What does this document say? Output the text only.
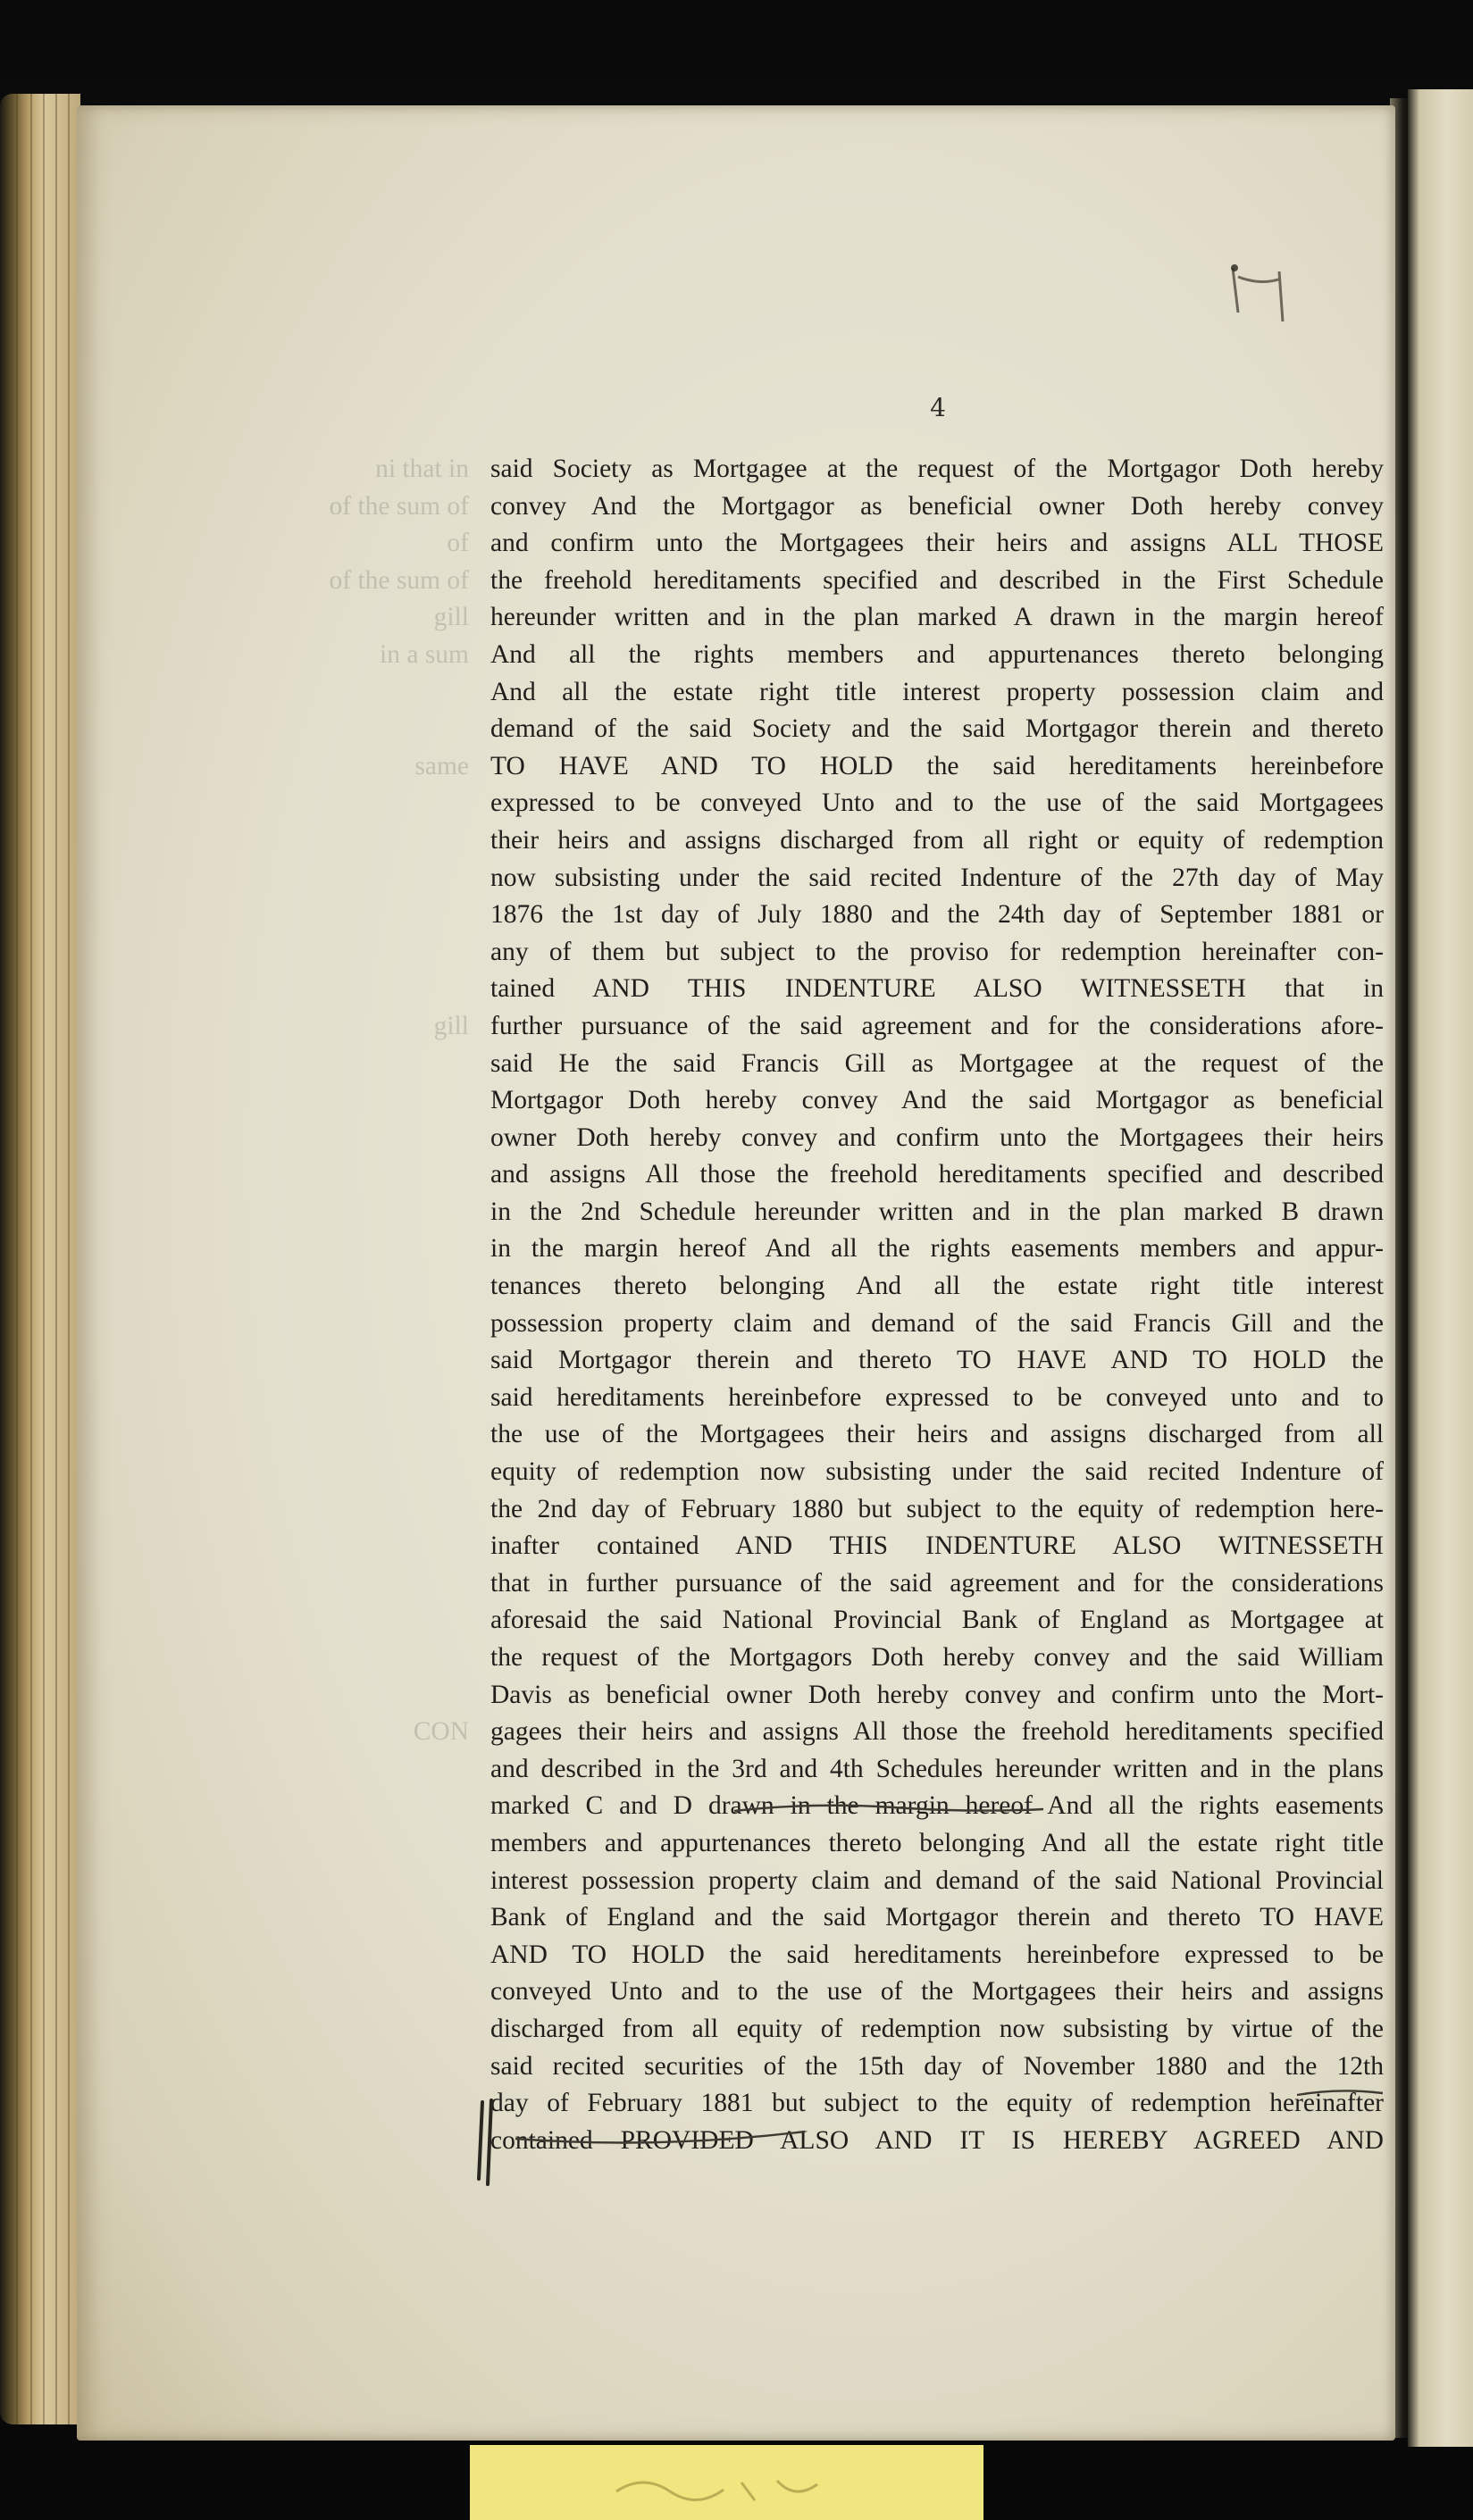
4

ni that in
of the sum of
of
of the sum of
gill
in a sum
same
gill
CON
said Society as Mortgagee at the request of the Mortgagor Doth hereby
convey And the Mortgagor as beneficial owner Doth hereby convey
and confirm unto the Mortgagees their heirs and assigns ALL THOSE
the freehold hereditaments specified and described in the First Schedule
hereunder written and in the plan marked A drawn in the margin hereof
And all the rights members and appurtenances thereto belonging
And all the estate right title interest property possession claim and
demand of the said Society and the said Mortgagor therein and thereto
TO HAVE AND TO HOLD the said hereditaments hereinbefore
expressed to be conveyed Unto and to the use of the said Mortgagees
their heirs and assigns discharged from all right or equity of redemption
now subsisting under the said recited Indenture of the 27th day of May
1876 the 1st day of July 1880 and the 24th day of September 1881 or
any of them but subject to the proviso for redemption hereinafter con-
tained AND THIS INDENTURE ALSO WITNESSETH that in
further pursuance of the said agreement and for the considerations afore-
said He the said Francis Gill as Mortgagee at the request of the
Mortgagor Doth hereby convey And the said Mortgagor as beneficial
owner Doth hereby convey and confirm unto the Mortgagees their heirs
and assigns All those the freehold hereditaments specified and described
in the 2nd Schedule hereunder written and in the plan marked B drawn
in the margin hereof And all the rights easements members and appur-
tenances thereto belonging And all the estate right title interest
possession property claim and demand of the said Francis Gill and the
said Mortgagor therein and thereto TO HAVE AND TO HOLD the
said hereditaments hereinbefore expressed to be conveyed unto and to
the use of the Mortgagees their heirs and assigns discharged from all
equity of redemption now subsisting under the said recited Indenture of
the 2nd day of February 1880 but subject to the equity of redemption here-
inafter contained AND THIS INDENTURE ALSO WITNESSETH
that in further pursuance of the said agreement and for the considerations
aforesaid the said National Provincial Bank of England as Mortgagee at
the request of the Mortgagors Doth hereby convey and the said William
Davis as beneficial owner Doth hereby convey and confirm unto the Mort-
gagees their heirs and assigns All those the freehold hereditaments specified
and described in the 3rd and 4th Schedules hereunder written and in the plans
marked C and D drawn in the margin hereof And all the rights easements
members and appurtenances thereto belonging And all the estate right title
interest possession property claim and demand of the said National Provincial
Bank of England and the said Mortgagor therein and thereto TO HAVE
AND TO HOLD the said hereditaments hereinbefore expressed to be
conveyed Unto and to the use of the Mortgagees their heirs and assigns
discharged from all equity of redemption now subsisting by virtue of the
said recited securities of the 15th day of November 1880 and the 12th
day of February 1881 but subject to the equity of redemption hereinafter
contained PROVIDED ALSO AND IT IS HEREBY AGREED AND
